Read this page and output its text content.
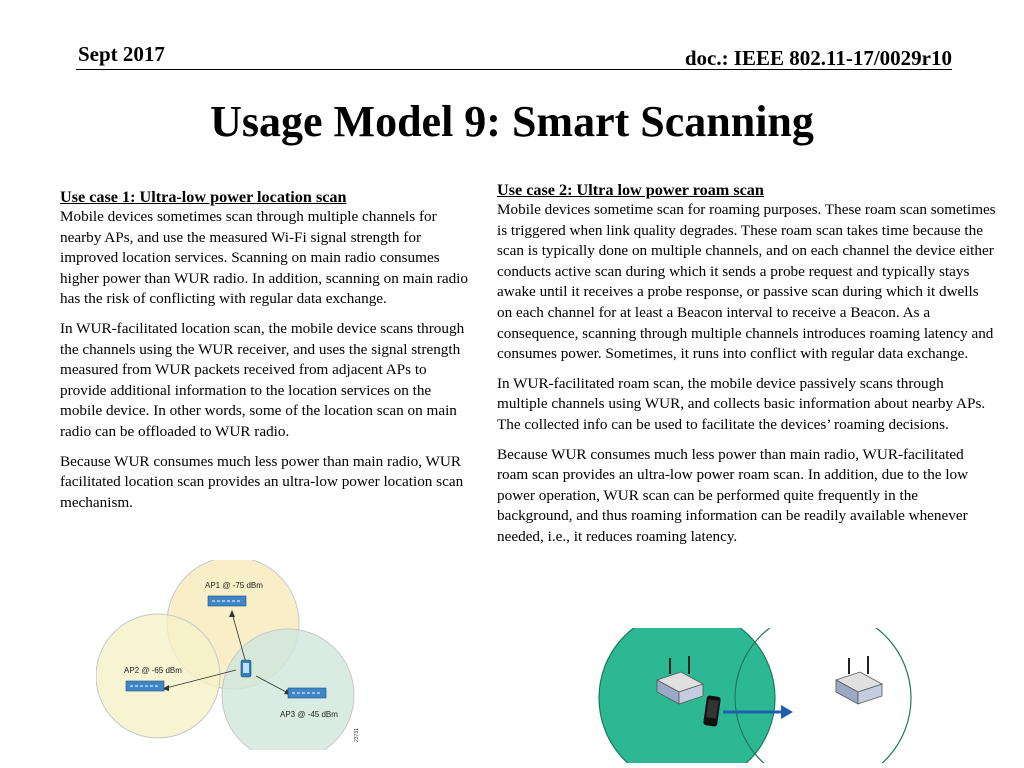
Sept 2017	doc.: IEEE 802.11-17/0029r10
Usage Model 9: Smart Scanning
Use case 1: Ultra-low power location scan

Mobile devices sometimes scan through multiple channels for nearby APs, and use the measured Wi-Fi signal strength for improved location services. Scanning on main radio consumes higher power than WUR radio. In addition, scanning on main radio has the risk of conflicting with regular data exchange.

In WUR-facilitated location scan, the mobile device scans through the channels using the WUR receiver, and uses the signal strength measured from WUR packets received from adjacent APs to provide additional information to the location services on the mobile device. In other words, some of the location scan on main radio can be offloaded to WUR radio.

Because WUR consumes much less power than main radio, WUR facilitated location scan provides an ultra-low power location scan mechanism.

Use case 2: Ultra low power roam scan

Mobile devices sometime scan for roaming purposes. These roam scan sometimes is triggered when link quality degrades. These roam scan takes time because the scan is typically done on multiple channels, and on each channel the device either conducts active scan during which it sends a probe request and typically stays awake until it receives a probe response, or passive scan during which it dwells on each channel for at least a Beacon interval to receive a Beacon. As a consequence, scanning through multiple channels introduces roaming latency and consumes power. Sometimes, it runs into conflict with regular data exchange.

In WUR-facilitated roam scan, the mobile device passively scans through multiple channels using WUR, and collects basic information about nearby APs. The collected info can be used to facilitate the devices’ roaming decisions.

Because WUR consumes much less power than main radio, WUR-facilitated roam scan provides an ultra-low power roam scan. In addition, due to the low power operation, WUR scan can be performed quite frequently in the background, and thus roaming information can be readily available whenever needed, i.e., it reduces roaming latency.

AP1 @ -75 dBm
AP2 @ -65 dBm
AP3 @ -45 dBm
23731
